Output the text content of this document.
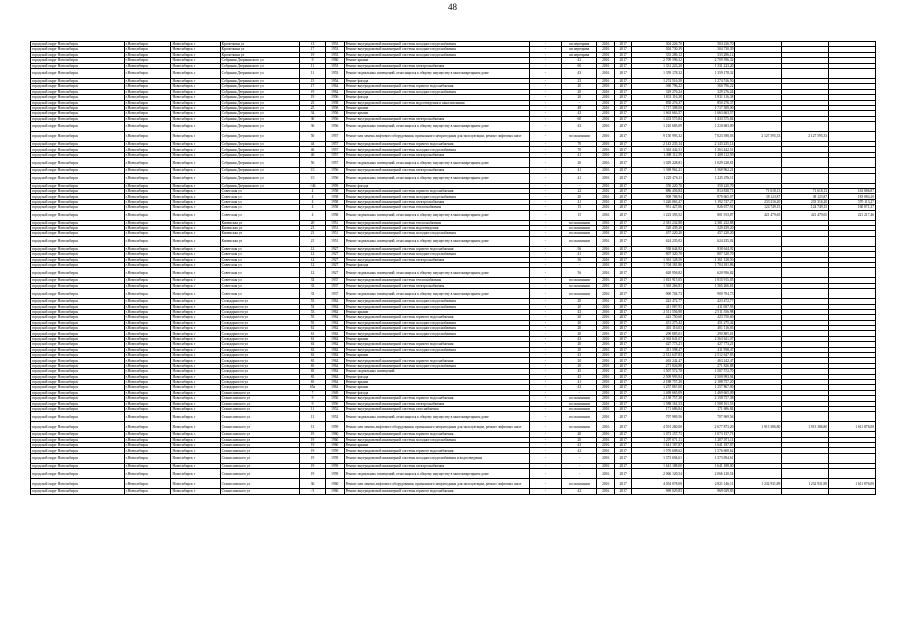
48
городской округ Новосибирск	г.Новосибирск	Новосибирск г	Кропоткина ул	13	1953	Ремонт внутридомовой инженерной системы холодного водоснабжения	-	кв.переправа	2016	2017	304 226,70	304 226,70			
городской округ Новосибирск	г.Новосибирск	Новосибирск г	Кропоткина ул	17	1953	Ремонт внутридомовой инженерной системы холодного водоснабжения	-	кв.переправа	2016	2017	304 730,39	304 730,39			
городской округ Новосибирск	г.Новосибирск	Новосибирск г	Кропоткина ул	19	1953	Ремонт внутридомовой инженерной системы холодного водоснабжения	-	кв.переправа	2016	2017	333 286,12	333 286,12			
городской округ Новосибирск	г.Новосибирск	Новосибирск г	Собрания Дзержинского ул	9	1960	Ремонт крыши	-	43	2016	2017	2 709 596,32	2 709 596,32			
городской округ Новосибирск	г.Новосибирск	Новосибирск г	Собрания Дзержинского ул	11	1953	Ремонт внутридомовой инженерной системы электроснабжения	-	60	2016	2017	1 331 223,20	1 331 223,20			
городской округ Новосибирск	г.Новосибирск	Новосибирск г	Собрания Дзержинского ул	11	1953	Ремонт подвальных помещений, относящихся к общему имуществу в многоквартирном доме	-	43	2016	2017	1 359 178,32	1 359 178,32			
городской округ Новосибирск	г.Новосибирск	Новосибирск г	Собрания Дзержинского ул	15	1954	Ремонт фасада	-	23	2016	2017	1 274 516,50	1 274 516,50			
городской округ Новосибирск	г.Новосибирск	Новосибирск г	Собрания Дзержинского ул	17	1962	Ремонт внутридомовой инженерной системы горячего водоснабжения	-	20	2016	2017	360 796,22	360 796,22			
городской округ Новосибирск	г.Новосибирск	Новосибирск г	Собрания Дзержинского ул	19	1962	Ремонт внутридомовой инженерной системы холодного водоснабжения	-	20	2016	2017	329 276,24	329 276,24			
городской округ Новосибирск	г.Новосибирск	Новосибирск г	Собрания Дзержинского ул	19	1956	Ремонт фасада	-	20	2016	2017	1 831 116,38	1 831 116,38			
городской округ Новосибирск	г.Новосибирск	Новосибирск г	Собрания Дзержинского ул	23	1958	Ремонт внутридомовой инженерной системы водоотведения и канализования	-	-	2016	2017	850 276,37	850 276,37			
городской округ Новосибирск	г.Новосибирск	Новосибирск г	Собрания Дзержинского ул	25	1958	Ремонт крыши	-	48	2016	2017	1 717 308,00	1 717 308,00			
городской округ Новосибирск	г.Новосибирск	Новосибирск г	Собрания Дзержинского ул	34	1956	Ремонт крыши	-	43	2016	2017	1 663 663,57	1 663 663,57			
городской округ Новосибирск	г.Новосибирск	Новосибирск г	Собрания Дзержинского ул	36	1956	Ремонт внутридомовой инженерной системы электроснабжения	-	60	2016	2017	1 433 575,84	1 433 575,84			
городской округ Новосибирск	г.Новосибирск	Новосибирск г	Собрания Дзержинского ул	36	1956	Ремонт подвальных помещений, относящихся к общему имуществу в многоквартирном доме	-	43	2016	2017	1 210 683,09	1 210 683,09			
городской округ Новосибирск	г.Новосибирск	Новосибирск г	Собрания Дзержинского ул	50	1957	Ремонт или замена лифтового оборудования, признанного непригодным для эксплуатации, ремонт лифтовых шахт	-	по окончании	2016	2017	9 150 993,32	7 023 398,03	2 127 595,33	2 127 595,33	
городской округ Новосибирск	г.Новосибирск	Новосибирск г	Собрания Дзержинского ул	44	1957	Ремонт внутридомовой инженерной системы горячего водоснабжения	-	70	2016	2017	2 143 235,14	2 143 235,14			
городской округ Новосибирск	г.Новосибирск	Новосибирск г	Собрания Дзержинского ул	46	1957	Ремонт внутридомовой инженерной системы холодного водоснабжения	-	70	2016	2017	1 363 442,51	1 363 442,51			
городской округ Новосибирск	г.Новосибирск	Новосибирск г	Собрания Дзержинского ул	46	1957	Ремонт внутридомовой инженерной системы электроснабжения	-	41	2016	2017	1 408 112,59	1 408 112,59			
городской округ Новосибирск	г.Новосибирск	Новосибирск г	Собрания Дзержинского ул	50	1957	Ремонт подвальных помещений, относящихся к общему имуществу в многоквартирном доме	-	20	2016	2017	1 029 228,81	1 029 228,81			
городской округ Новосибирск	г.Новосибирск	Новосибирск г	Собрания Дзержинского ул	1/1	1956	Ремонт внутридомовой инженерной системы электроснабжения	-	41	2016	2017	1 369 962,21	1 369 962,21			
городской округ Новосибирск	г.Новосибирск	Новосибирск г	Собрания Дзержинского ул	1/1	1956	Ремонт подвальных помещений, относящихся к общему имуществу в многоквартирном доме	-	41	2016	2017	1 225 476,11	1 225 476,11			
городской округ Новосибирск	г.Новосибирск	Новосибирск г	Собрания Дзержинского ул	-/46	1959	Ремонт фасада	-	-	2016	2017	350 220,70	350 220,70			
городской округ Новосибирск	г.Новосибирск	Новосибирск г	Советская ул	4	1958	Ремонт внутридомовой инженерной системы горячего водоснабжения	-	22	2016	2017	886 456,84	814 838,71	71 618,13	71 618,13	163 886,87
городской округ Новосибирск	г.Новосибирск	Новосибирск г	Советская ул	4	1958	Ремонт внутридомовой инженерной системы холодного водоснабжения	-	20	2016	2017	908 788,94	870 665,07	38 123,87	38 123,87	183 884,20
городской округ Новосибирск	г.Новосибирск	Новосибирск г	Советская ул	4	1958	Ремонт внутридомовой инженерной системы электроснабжения	-	41	2016	2017	1 426 063,47	1 192 747,27	233 316,20	233 316,20	570 113,27
городской округ Новосибирск	г.Новосибирск	Новосибирск г	Советская ул	4	1958	Ремонт внутридомовой инженерной системы теплоснабжения	-	15	2016	2017	951 427,06	826 677,91	124 749,15	124 749,15	160 871,37
городской округ Новосибирск	г.Новосибирск	Новосибирск г	Советская ул	4	1958	Ремонт подвальных помещений, относящихся к общему имуществу в многоквартирном доме	-	15	2016	2017	1 223 393,52	801 913,87	421 479,65	421 479,65	221 217,46
городской округ Новосибирск	г.Новосибирск	Новосибирск г	Каменская ул	20	1951	Ремонт внутридомовой инженерной системы теплоснабжения	-	по окончании	2016	2017	2 381 232,88	2 381 232,88			
городской округ Новосибирск	г.Новосибирск	Новосибирск г	Каменская ул	21	1951	Ремонт внутридомовой инженерной системы водоотведения	-	по окончании	2016	2017	320 439,20	320 439,20			
городской округ Новосибирск	г.Новосибирск	Новосибирск г	Каменская ул	21	1951	Ремонт внутридомовой инженерной системы холодного водоснабжения	-	по окончании	2016	2017	457 220,20	457 220,20			
городской округ Новосибирск	г.Новосибирск	Новосибирск г	Каменская ул	21	1951	Ремонт подвальных помещений, относящихся к общему имуществу в многоквартирном доме	-	по окончании	2016	2017	624 235,02	624 235,02			
городской округ Новосибирск	г.Новосибирск	Новосибирск г	Советская ул	12	1927	Ремонт внутридомовой инженерной системы горячего водоснабжения	-	56	2016	2017	938 644,92	938 644,92			
городской округ Новосибирск	г.Новосибирск	Новосибирск г	Советская ул	12	1927	Ремонт внутридомовой инженерной системы холодного водоснабжения	-	41	2016	2017	807 320,70	807 320,70			
городской округ Новосибирск	г.Новосибирск	Новосибирск г	Советская ул	12	1927	Ремонт внутридомовой инженерной системы электроснабжения	-	56	2016	2017	1 361 128,50	1 361 128,50			
городской округ Новосибирск	г.Новосибирск	Новосибирск г	Советская ул	12	1927	Ремонт фасада	-	-	2016	2017	1 704 181,86	1 704 181,86			
городской округ Новосибирск	г.Новосибирск	Новосибирск г	Советская ул	12	1927	Ремонт подвальных помещений, относящихся к общему имуществу в многоквартирном доме	-	56	2016	2017	620 956,82	620 956,82			
городской округ Новосибирск	г.Новосибирск	Новосибирск г	Советская ул	33	1937	Ремонт внутридомовой инженерной системы теплоснабжения	-	по окончании	2016	2017	1 815 915,05	1 815 915,05			
городской округ Новосибирск	г.Новосибирск	Новосибирск г	Советская ул	33	1937	Ремонт внутридомовой инженерной системы электроснабжения	-	по окончании	2016	2017	1 365 266,81	1 365 266,81			
городской округ Новосибирск	г.Новосибирск	Новосибирск г	Советская ул	33	1937	Ремонт подвальных помещений, относящихся к общему имуществу в многоквартирном доме	-	по окончании	2016	2017	900 704,73	900 704,73			
городской округ Новосибирск	г.Новосибирск	Новосибирск г	Солидарности ул	53	1962	Ремонт внутридомовой инженерной системы холодного водоснабжения	-	20	2016	2017	423 472,77	423 472,77			
городской округ Новосибирск	г.Новосибирск	Новосибирск г	Солидарности ул	53	1962	Ремонт внутридомовой инженерной системы холодного водоснабжения	-	20	2016	2017	411 087,93	411 087,93			
городской округ Новосибирск	г.Новосибирск	Новосибирск г	Солидарности ул	53	1962	Ремонт крыши	-	43	2016	2017	2 511 556,98	2 511 556,98			
городской округ Новосибирск	г.Новосибирск	Новосибирск г	Солидарности ул	55	1962	Ремонт внутридомовой инженерной системы горячего водоснабжения	-	20	2016	2017	423 750,60	423 750,60			
городской округ Новосибирск	г.Новосибирск	Новосибирск г	Солидарности ул	55	1962	Ремонт внутридомовой инженерной системы холодного водоснабжения	-	20	2016	2017	451 275,42	451 275,42			
городской округ Новосибирск	г.Новосибирск	Новосибирск г	Солидарности ул	61	1962	Ремонт внутридомовой инженерной системы холодного водоснабжения	-	20	2016	2017	401 116,03	401 116,03			
городской округ Новосибирск	г.Новосибирск	Новосибирск г	Солидарности ул	61	1962	Ремонт внутридомовой инженерной системы холодного водоснабжения	-	20	2016	2017	290 885,01	290 885,01			
городской округ Новосибирск	г.Новосибирск	Новосибирск г	Солидарности ул	61	1962	Ремонт крыши	-	43	2016	2017	2 363 641,07	2 363 641,07			
городской округ Новосибирск	г.Новосибирск	Новосибирск г	Солидарности ул	63	1962	Ремонт внутридомовой инженерной системы горячего водоснабжения	-	20	2016	2017	427 773,21	427 773,21			
городской округ Новосибирск	г.Новосибирск	Новосибирск г	Солидарности ул	63	1962	Ремонт внутридомовой инженерной системы холодного водоснабжения	-	20	2016	2017	411 598,47	411 598,47			
городской округ Новосибирск	г.Новосибирск	Новосибирск г	Солидарности ул	63	1962	Ремонт крыши	-	43	2016	2017	2 512 647,83	2 512 647,83			
городской округ Новосибирск	г.Новосибирск	Новосибирск г	Солидарности ул	65	1962	Ремонт внутридомовой инженерной системы горячего водоснабжения	-	20	2016	2017	463 242,47	463 242,47			
городской округ Новосибирск	г.Новосибирск	Новосибирск г	Солидарности ул	65	1962	Ремонт внутридомовой инженерной системы холодного водоснабжения	-	20	2016	2017	271 826,88	271 826,88			
городской округ Новосибирск	г.Новосибирск	Новосибирск г	Солидарности ул	65	1962	Ремонт подвальных помещений	-	45	2016	2017	1 507 572,70	1 507 572,70			
городской округ Новосибирск	г.Новосибирск	Новосибирск г	Солидарности ул	65	1962	Ремонт фасада	-	45	2016	2017	2 509 993,94	2 509 993,94			
городской округ Новосибирск	г.Новосибирск	Новосибирск г	Солидарности ул	65	1962	Ремонт крыши	-	41	2016	2017	2 188 757,20	2 188 757,20			
городской округ Новосибирск	г.Новосибирск	Новосибирск г	Солидарности ул	65а	1962	Ремонт крыши	-	43	2016	2017	1 257 867,00	1 257 867,00			
городской округ Новосибирск	г.Новосибирск	Новосибирск г	Станиславского ул	7	1949	Ремонт фасада	-	-	2016	2017	1 469 665,09	1 469 665,09			
городской округ Новосибирск	г.Новосибирск	Новосибирск г	Станиславского ул	9	1950	Ремонт внутридомовой инженерной системы горячего водоснабжения	-	по окончании	2016	2017	2 158 757,38	2 158 757,38			
городской округ Новосибирск	г.Новосибирск	Новосибирск г	Станиславского ул	9	1950	Ремонт внутридомовой инженерной системы электроснабжения	-	по окончании	2016	2017	1 588 161,53	1 588 161,53			
городской округ Новосибирск	г.Новосибирск	Новосибирск г	Станиславского ул	11	1952	Ремонт внутридомовой инженерной системы газоснабжения	-	по окончании	2016	2017	171 686,84	171 686,84			
городской округ Новосибирск	г.Новосибирск	Новосибирск г	Станиславского ул	11	1952	Ремонт подвальных помещений, относящихся к общему имуществу в многоквартирном доме	-	по окончании	2016	2017	707 969,56	707 969,56			
городской округ Новосибирск	г.Новосибирск	Новосибирск г	Станиславского ул	13	1959	Ремонт или замена лифтового оборудования, признанного непригодным для эксплуатации, ремонт лифтовых шахт	-	по окончании	2016	2017	4 591 260,00	2 677 873,20	1 913 386,80	1 913 386,80	1 611 876,00
городской округ Новосибирск	г.Новосибирск	Новосибирск г	Станиславского ул	19	1960	Ремонт внутридомовой инженерной системы горячего водоснабжения	-	20	2016	2017	1 073 157,71	1 073 157,71			
городской округ Новосибирск	г.Новосибирск	Новосибирск г	Станиславского ул	19	1960	Ремонт внутридомовой инженерной системы холодного водоснабжения	-	20	2016	2017	1 207 071,11	1 207 071,11			
городской округ Новосибирск	г.Новосибирск	Новосибирск г	Станиславского ул	19	1960	Ремонт крыши	-	43	2016	2017	1 641 187,87	1 641 187,87			
городской округ Новосибирск	г.Новосибирск	Новосибирск г	Станиславского ул	19	1959	Ремонт внутридомовой инженерной системы горячего водоснабжения	-	42	2016	2017	1 576 608,62	1 576 608,62			
городской округ Новосибирск	г.Новосибирск	Новосибирск г	Станиславского ул	19	1959	Ремонт внутридомовой инженерной системы холодного водоснабжения и водоотведения	-	-	2016	2017	1 373 694,61	1 373 694,61			
городской округ Новосибирск	г.Новосибирск	Новосибирск г	Станиславского ул	19	1959	Ремонт внутридомовой инженерной системы электроснабжения	-	-	2016	2017	1 641 188,00	1 641 188,00			
городской округ Новосибирск	г.Новосибирск	Новосибирск г	Станиславского ул	19	1959	Ремонт подвальных помещений, относящихся к общему имуществу в многоквартирном доме	-	-	2016	2017	2 066 120,54	2 066 120,54			
городской округ Новосибирск	г.Новосибирск	Новосибирск г	Станиславского ул	36	1960	Ремонт или замена лифтового оборудования, признанного непригодным для эксплуатации, ремонт лифтовых шахт	-	по окончании	2016	2017	4 054 078,00	2 821 146,11	1 232 931,89	1 232 931,89	1 611 876,00
городской округ Новосибирск	г.Новосибирск	Новосибирск г	Станиславского ул	-/1	1960	Ремонт внутридомовой инженерной системы горячего водоснабжения	-	42	2016	2017	969 029,83	969 029,83			
